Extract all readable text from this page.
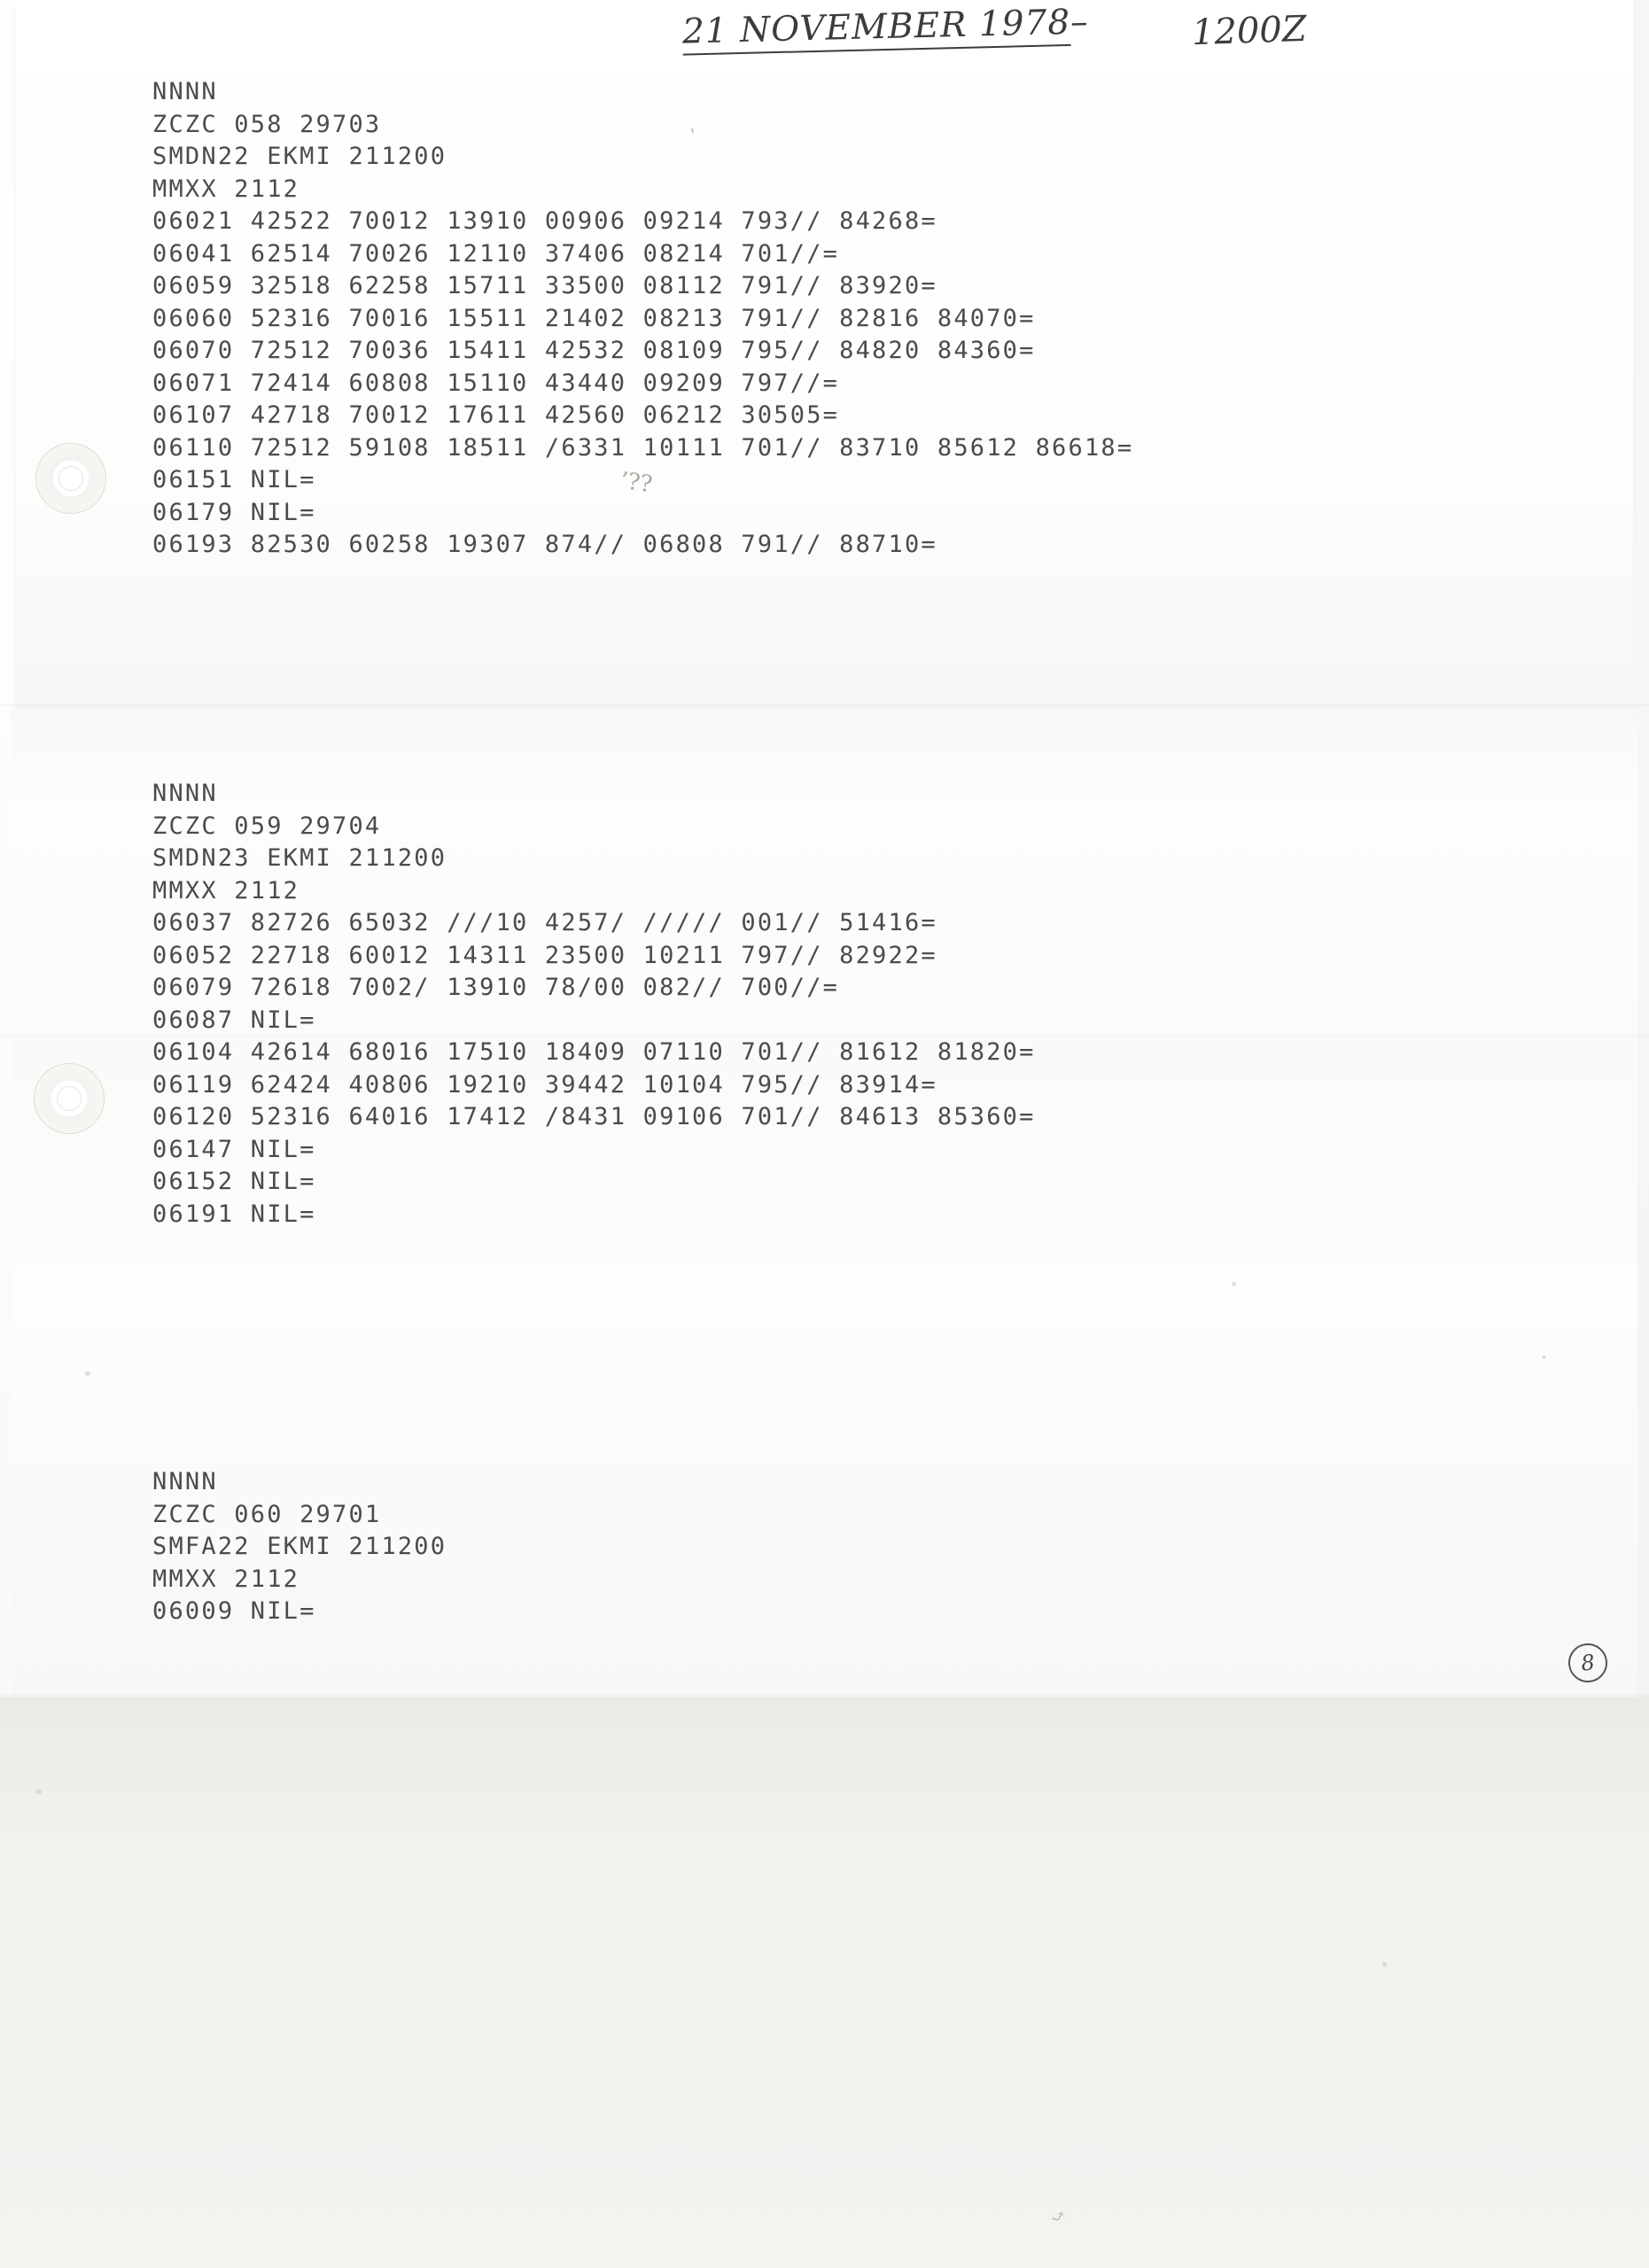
21 NOVEMBER 1978–	1200Z
'
’??
⤴
NNNN
ZCZC 058 29703
SMDN22 EKMI 211200
MMXX 2112
06021 42522 70012 13910 00906 09214 793// 84268=
06041 62514 70026 12110 37406 08214 701//=
06059 32518 62258 15711 33500 08112 791// 83920=
06060 52316 70016 15511 21402 08213 791// 82816 84070=
06070 72512 70036 15411 42532 08109 795// 84820 84360=
06071 72414 60808 15110 43440 09209 797//=
06107 42718 70012 17611 42560 06212 30505=
06110 72512 59108 18511 /6331 10111 701// 83710 85612 86618=
06151 NIL=
06179 NIL=
06193 82530 60258 19307 874// 06808 791// 88710=
NNNN
ZCZC 059 29704
SMDN23 EKMI 211200
MMXX 2112
06037 82726 65032 ///10 4257/ ///// 001// 51416=
06052 22718 60012 14311 23500 10211 797// 82922=
06079 72618 7002/ 13910 78/00 082// 700//=
06087 NIL=
06104 42614 68016 17510 18409 07110 701// 81612 81820=
06119 62424 40806 19210 39442 10104 795// 83914=
06120 52316 64016 17412 /8431 09106 701// 84613 85360=
06147 NIL=
06152 NIL=
06191 NIL=
NNNN
ZCZC 060 29701
SMFA22 EKMI 211200
MMXX 2112
06009 NIL=
8
